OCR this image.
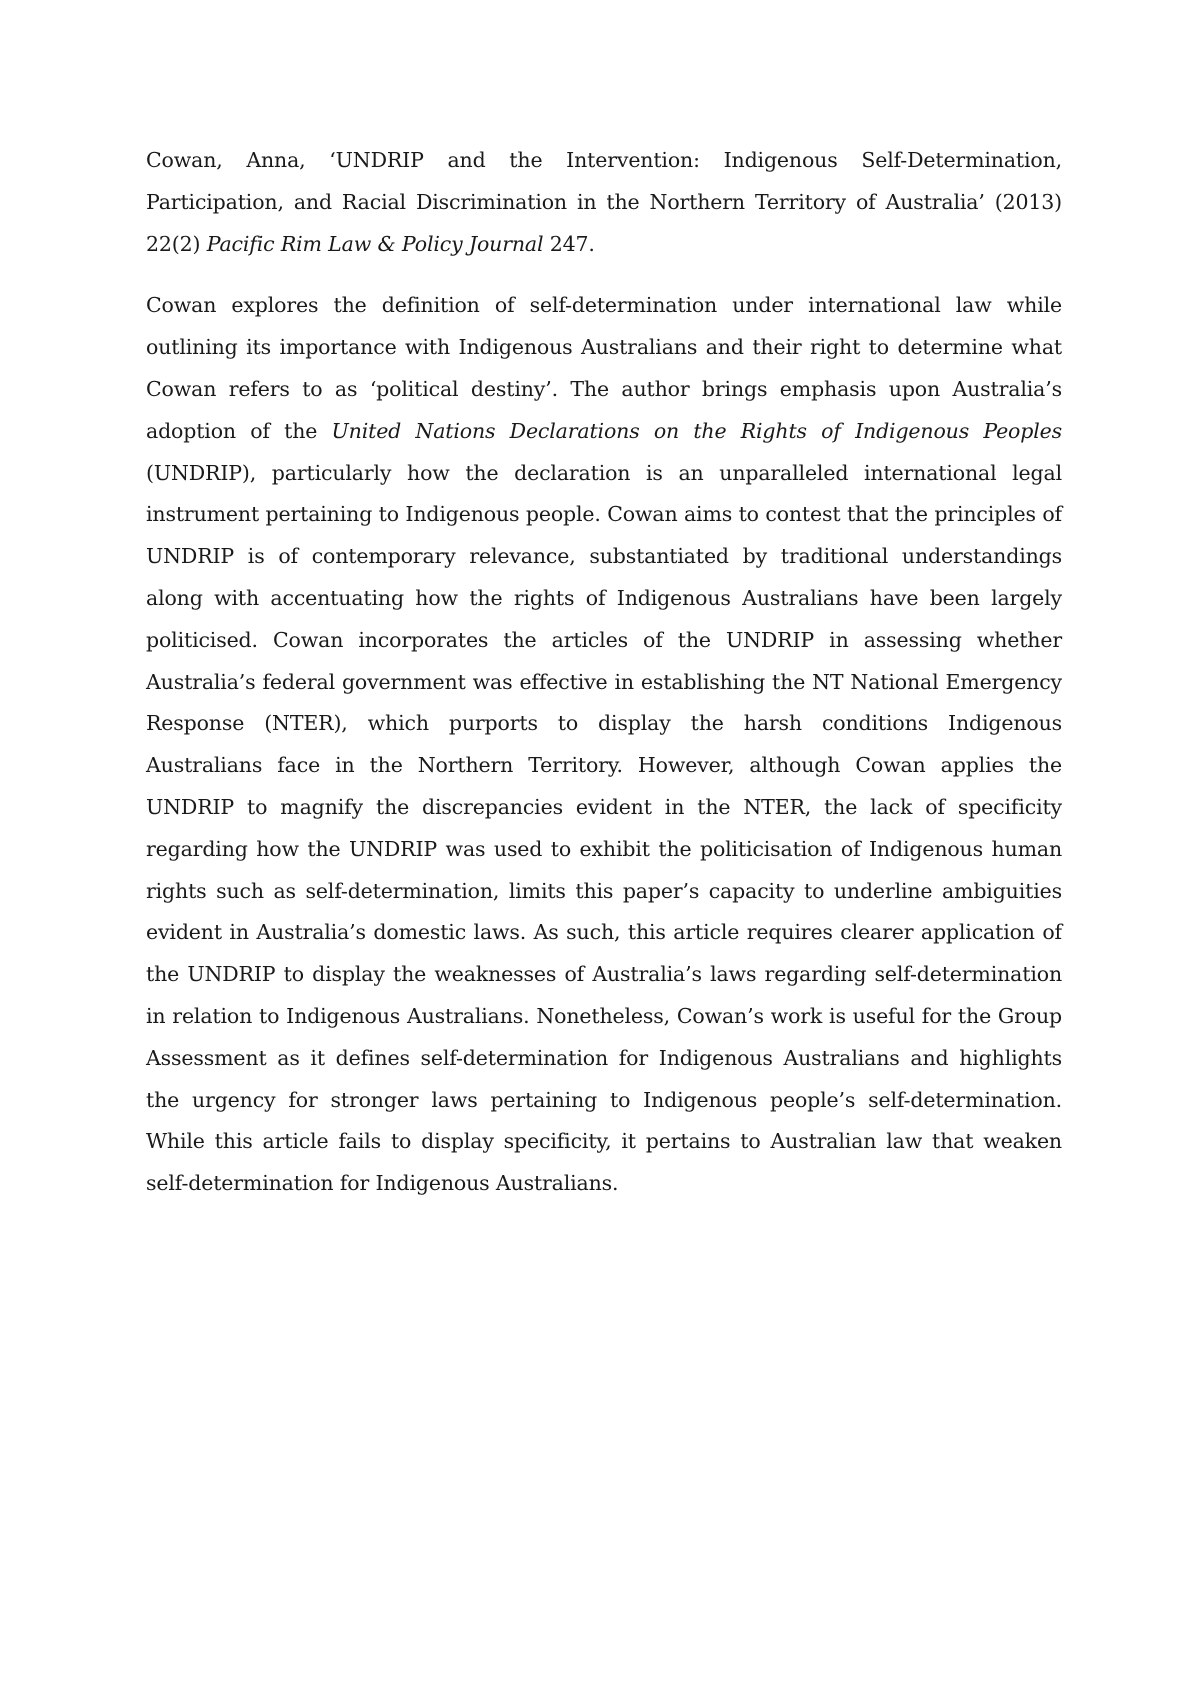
Cowan, Anna, ‘UNDRIP and the Intervention: Indigenous Self-Determination, Participation, and Racial Discrimination in the Northern Territory of Australia’ (2013) 22(2) Pacific Rim Law & Policy Journal 247.

Cowan explores the definition of self-determination under international law while outlining its importance with Indigenous Australians and their right to determine what Cowan refers to as ‘political destiny’. The author brings emphasis upon Australia’s adoption of the United Nations Declarations on the Rights of Indigenous Peoples (UNDRIP), particularly how the declaration is an unparalleled international legal instrument pertaining to Indigenous people. Cowan aims to contest that the principles of UNDRIP is of contemporary relevance, substantiated by traditional understandings along with accentuating how the rights of Indigenous Australians have been largely politicised. Cowan incorporates the articles of the UNDRIP in assessing whether Australia’s federal government was effective in establishing the NT National Emergency Response (NTER), which purports to display the harsh conditions Indigenous Australians face in the Northern Territory. However, although Cowan applies the UNDRIP to magnify the discrepancies evident in the NTER, the lack of specificity regarding how the UNDRIP was used to exhibit the politicisation of Indigenous human rights such as self-determination, limits this paper’s capacity to underline ambiguities evident in Australia’s domestic laws. As such, this article requires clearer application of the UNDRIP to display the weaknesses of Australia’s laws regarding self-determination in relation to Indigenous Australians. Nonetheless, Cowan’s work is useful for the Group Assessment as it defines self-determination for Indigenous Australians and highlights the urgency for stronger laws pertaining to Indigenous people’s self-determination. While this article fails to display specificity, it pertains to Australian law that weaken self-determination for Indigenous Australians.
